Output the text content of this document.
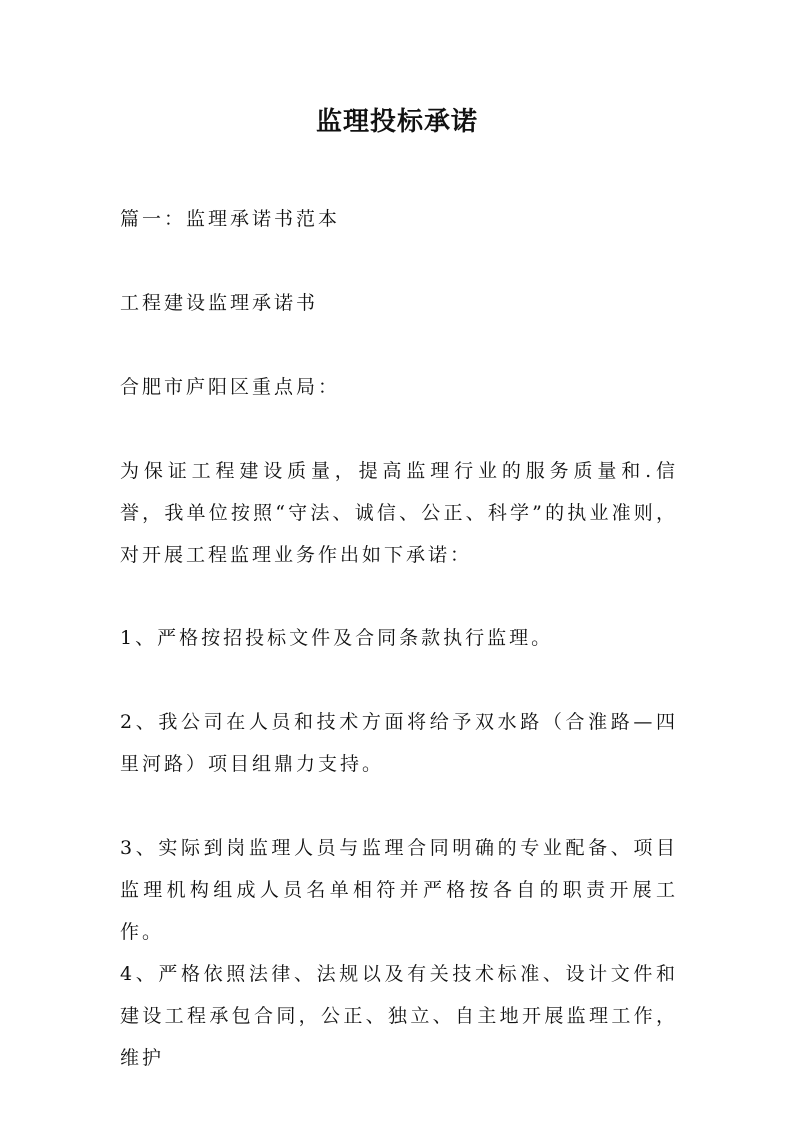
监理投标承诺

篇一：监理承诺书范本

工程建设监理承诺书

合肥市庐阳区重点局：

为保证工程建设质量，提高监理行业的服务质量和.信誉，我单位按照“守法、诚信、公正、科学”的执业准则，对开展工程监理业务作出如下承诺：

1、严格按招投标文件及合同条款执行监理。

2、我公司在人员和技术方面将给予双水路（合淮路—四里河路）项目组鼎力支持。

3、实际到岗监理人员与监理合同明确的专业配备、项目监理机构组成人员名单相符并严格按各自的职责开展工作。

4、严格依照法律、法规以及有关技术标准、设计文件和建设工程承包合同，公正、独立、自主地开展监理工作，维护
